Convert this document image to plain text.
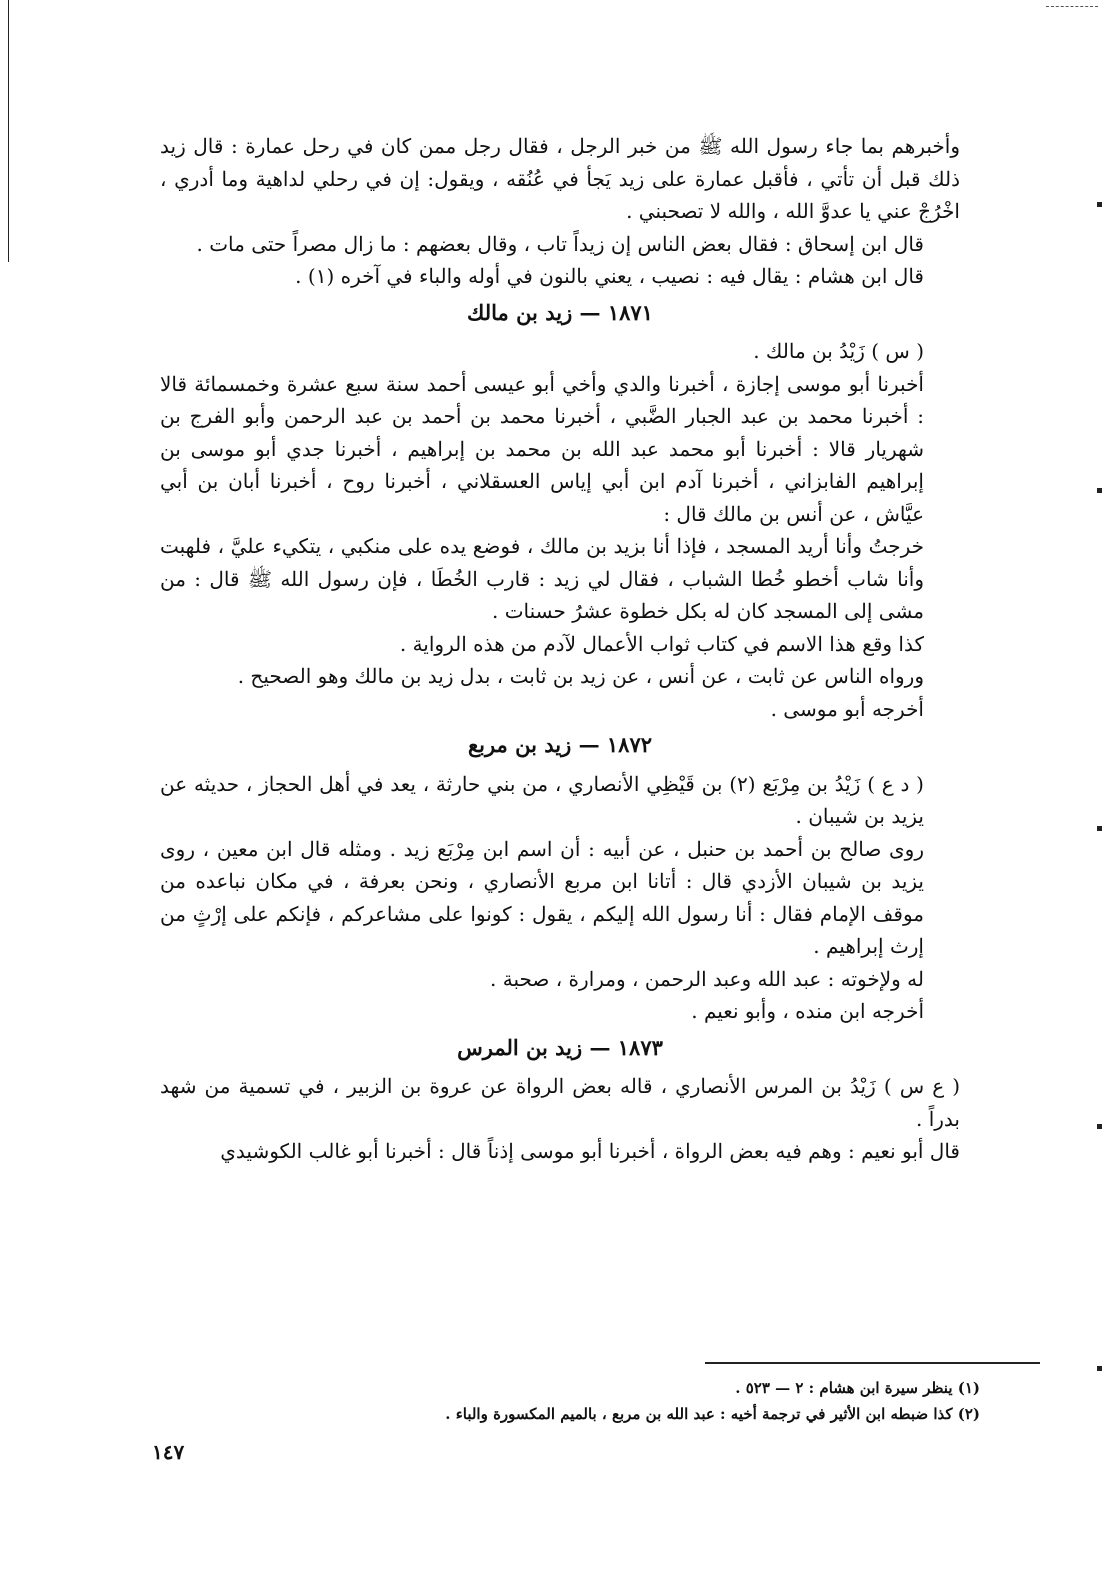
وأخبرهم بما جاء رسول الله ﷺ من خبر الرجل ، فقال رجل ممن كان في رحل عمارة : قال زيد ذلك قبل أن تأتي ، فأقبل عمارة على زيد يَجأ في عُنُقه ، ويقول: إن في رحلي لداهية وما أدري ، اخْرُجْ عني يا عدوَّ الله ، والله لا تصحبني .

قال ابن إسحاق : فقال بعض الناس إن زيداً تاب ، وقال بعضهم : ما زال مصراً حتى مات .

قال ابن هشام : يقال فيه : نصيب ، يعني بالنون في أوله والباء في آخره (١) .

١٨٧١ — زيد بن مالك

( س ) زَيْدُ بن مالك .

أخبرنا أبو موسى إجازة ، أخبرنا والدي وأخي أبو عيسى أحمد سنة سبع عشرة وخمسمائة قالا : أخبرنا محمد بن عبد الجبار الضَّبي ، أخبرنا محمد بن أحمد بن عبد الرحمن وأبو الفرج بن شهريار قالا : أخبرنا أبو محمد عبد الله بن محمد بن إبراهيم ، أخبرنا جدي أبو موسى بن إبراهيم الفابزاني ، أخبرنا آدم ابن أبي إياس العسقلاني ، أخبرنا روح ، أخبرنا أبان بن أبي عيَّاش ، عن أنس بن مالك قال :

خرجتُ وأنا أريد المسجد ، فإذا أنا بزيد بن مالك ، فوضع يده على منكبي ، يتكيء عليَّ ، فلهبت وأنا شاب أخطو خُطا الشباب ، فقال لي زيد : قارب الخُطَا ، فإن رسول الله ﷺ قال : من مشى إلى المسجد كان له بكل خطوة عشرُ حسنات .

كذا وقع هذا الاسم في كتاب ثواب الأعمال لآدم من هذه الرواية .

ورواه الناس عن ثابت ، عن أنس ، عن زيد بن ثابت ، بدل زيد بن مالك وهو الصحيح .

أخرجه أبو موسى .

١٨٧٢ — زيد بن مربع

( د ع ) زَيْدُ بن مِرْبَع (٢) بن قَيْظِي الأنصاري ، من بني حارثة ، يعد في أهل الحجاز ، حديثه عن يزيد بن شيبان .

روى صالح بن أحمد بن حنبل ، عن أبيه : أن اسم ابن مِرْبَع زيد . ومثله قال ابن معين ، روى يزيد بن شيبان الأزدي قال : أتانا ابن مربع الأنصاري ، ونحن بعرفة ، في مكان نباعده من موقف الإمام فقال : أنا رسول الله إليكم ، يقول : كونوا على مشاعركم ، فإنكم على إرْثٍ من إرث إبراهيم .

له ولإخوته : عبد الله وعبد الرحمن ، ومرارة ، صحبة .

أخرجه ابن منده ، وأبو نعيم .

١٨٧٣ — زيد بن المرس

( ع س ) زَيْدُ بن المرس الأنصاري ، قاله بعض الرواة عن عروة بن الزبير ، في تسمية من شهد بدراً .

قال أبو نعيم : وهم فيه بعض الرواة ، أخبرنا أبو موسى إذناً قال : أخبرنا أبو غالب الكوشيدي

(١) ينظر سيرة ابن هشام : ٢ — ٥٢٣ .

(٢) كذا ضبطه ابن الأثير في ترجمة أخيه : عبد الله بن مربع ، بالميم المكسورة والباء .

١٤٧
